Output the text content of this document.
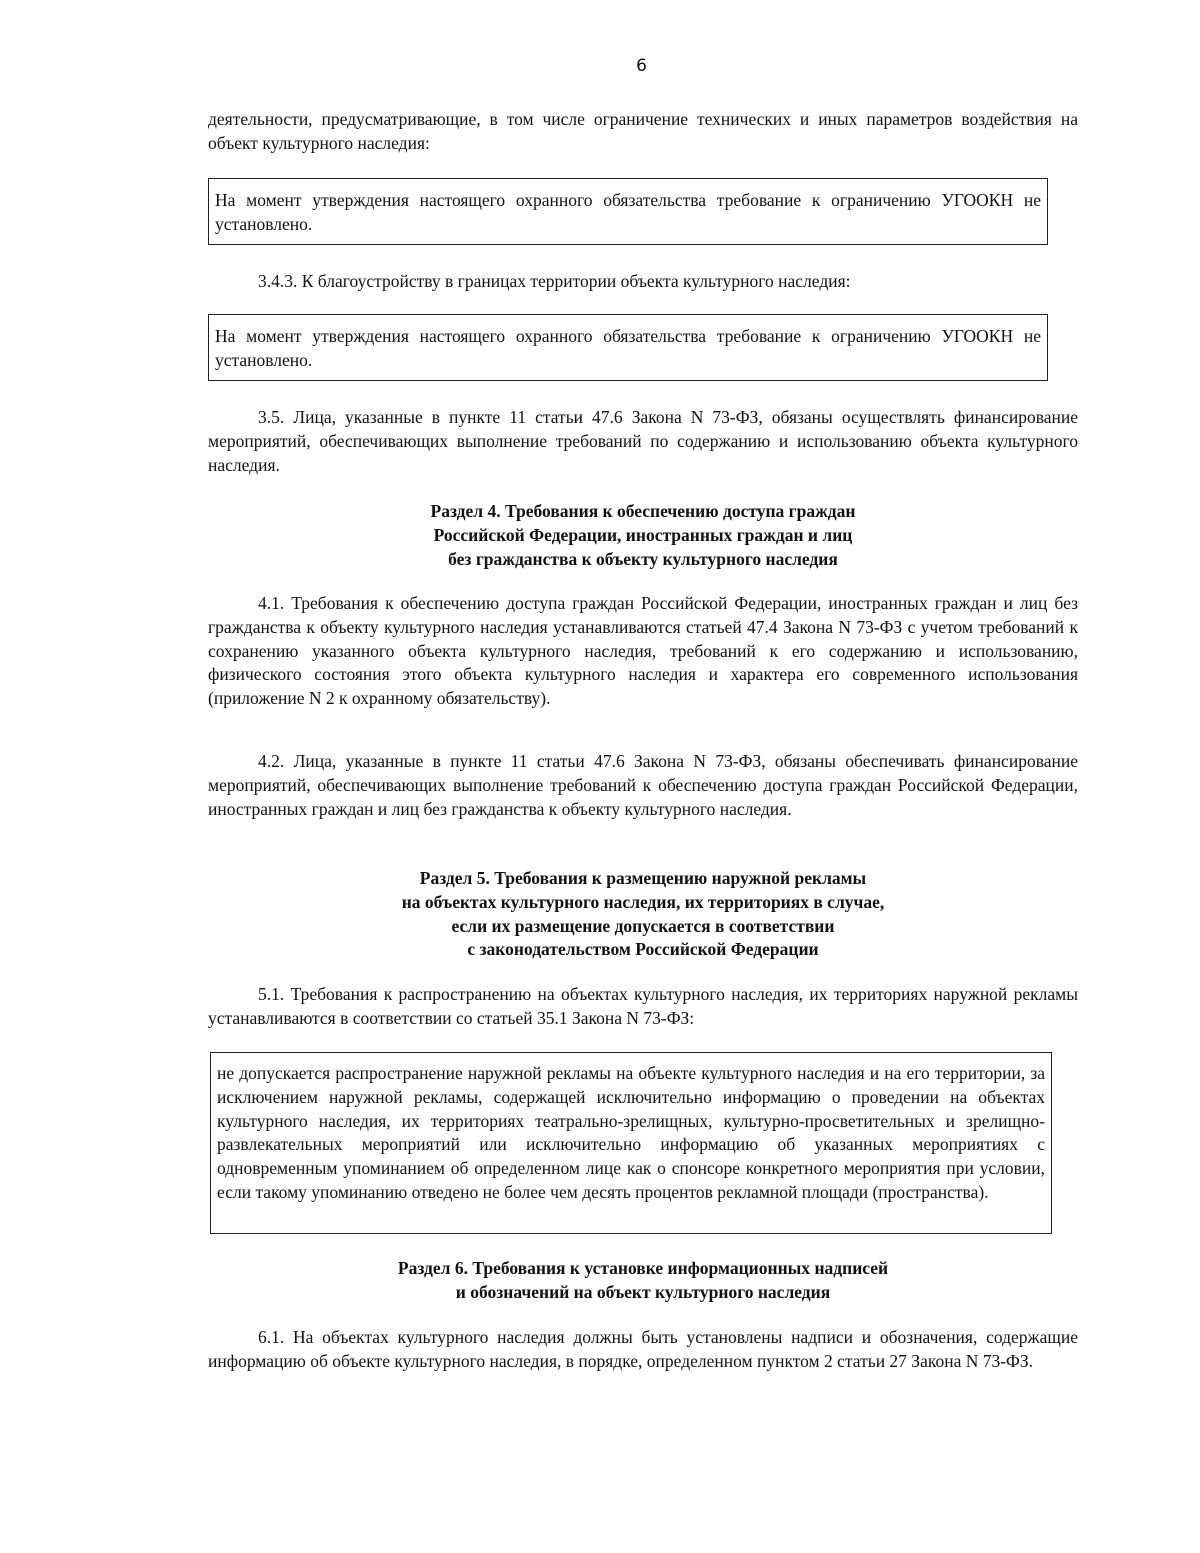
6
деятельности, предусматривающие, в том числе ограничение технических и иных параметров воздействия на объект культурного наследия:
На момент утверждения настоящего охранного обязательства требование к ограничению УГООКН не установлено.
3.4.3. К благоустройству в границах территории объекта культурного наследия:
На момент утверждения настоящего охранного обязательства требование к ограничению УГООКН не установлено.
3.5. Лица, указанные в пункте 11 статьи 47.6 Закона N 73-ФЗ, обязаны осуществлять финансирование мероприятий, обеспечивающих выполнение требований по содержанию и использованию объекта культурного наследия.
Раздел 4. Требования к обеспечению доступа граждан
Российской Федерации, иностранных граждан и лиц
без гражданства к объекту культурного наследия
4.1. Требования к обеспечению доступа граждан Российской Федерации, иностранных граждан и лиц без гражданства к объекту культурного наследия устанавливаются статьей 47.4 Закона N 73-ФЗ с учетом требований к сохранению указанного объекта культурного наследия, требований к его содержанию и использованию, физического состояния этого объекта культурного наследия и характера его современного использования (приложение N 2 к охранному обязательству).
4.2. Лица, указанные в пункте 11 статьи 47.6 Закона N 73-ФЗ, обязаны обеспечивать финансирование мероприятий, обеспечивающих выполнение требований к обеспечению доступа граждан Российской Федерации, иностранных граждан и лиц без гражданства к объекту культурного наследия.
Раздел 5. Требования к размещению наружной рекламы
на объектах культурного наследия, их территориях в случае,
если их размещение допускается в соответствии
с законодательством Российской Федерации
5.1. Требования к распространению на объектах культурного наследия, их территориях наружной рекламы устанавливаются в соответствии со статьей 35.1 Закона N 73-ФЗ:
не допускается распространение наружной рекламы на объекте культурного наследия и на его территории, за исключением наружной рекламы, содержащей исключительно информацию о проведении на объектах культурного наследия, их территориях театрально-зрелищных, культурно-просветительных и зрелищно-развлекательных мероприятий или исключительно информацию об указанных мероприятиях с одновременным упоминанием об определенном лице как о спонсоре конкретного мероприятия при условии, если такому упоминанию отведено не более чем десять процентов рекламной площади (пространства).
Раздел 6. Требования к установке информационных надписей
и обозначений на объект культурного наследия
6.1. На объектах культурного наследия должны быть установлены надписи и обозначения, содержащие информацию об объекте культурного наследия, в порядке, определенном пунктом 2 статьи 27 Закона N 73-ФЗ.
